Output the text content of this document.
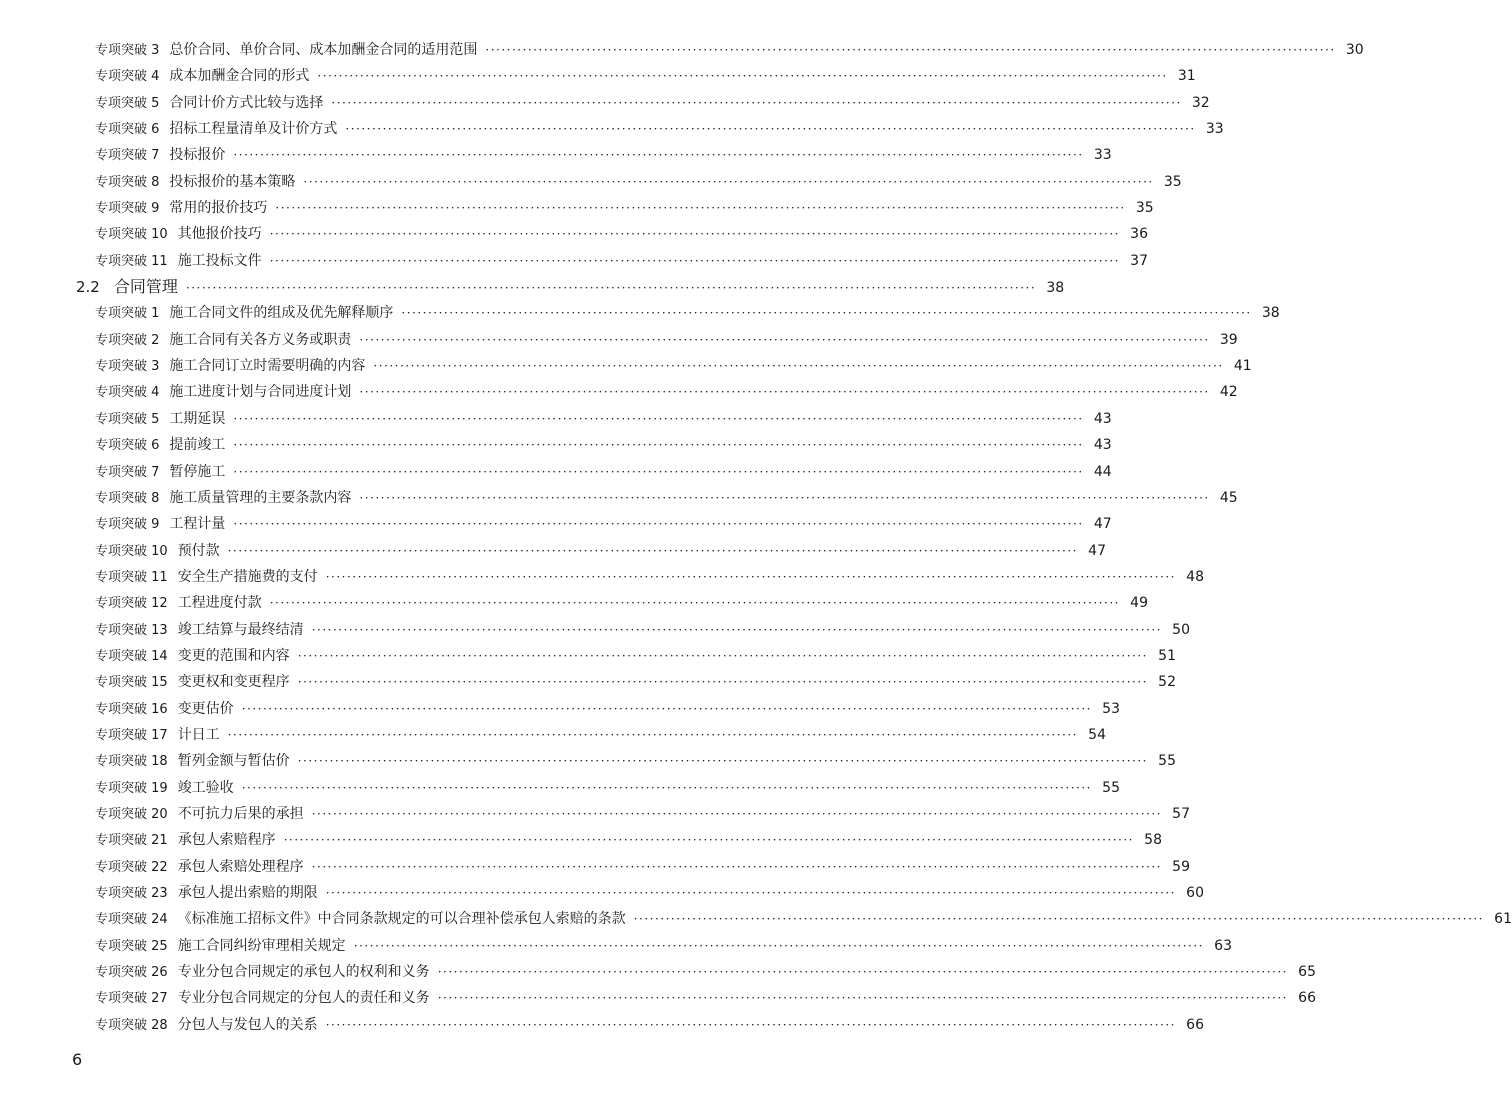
专项突破 3 总价合同、单价合同、成本加酬金合同的适用范围 ································································································································································ 30
专项突破 4 成本加酬金合同的形式 ································································································································································ 31
专项突破 5 合同计价方式比较与选择 ································································································································································ 32
专项突破 6 招标工程量清单及计价方式 ································································································································································ 33
专项突破 7 投标报价 ································································································································································ 33
专项突破 8 投标报价的基本策略 ································································································································································ 35
专项突破 9 常用的报价技巧 ································································································································································ 35
专项突破 10 其他报价技巧 ································································································································································ 36
专项突破 11 施工投标文件 ································································································································································ 37
2.2 合同管理 ································································································································································ 38
专项突破 1 施工合同文件的组成及优先解释顺序 ································································································································································ 38
专项突破 2 施工合同有关各方义务或职责 ································································································································································ 39
专项突破 3 施工合同订立时需要明确的内容 ································································································································································ 41
专项突破 4 施工进度计划与合同进度计划 ································································································································································ 42
专项突破 5 工期延误 ································································································································································ 43
专项突破 6 提前竣工 ································································································································································ 43
专项突破 7 暂停施工 ································································································································································ 44
专项突破 8 施工质量管理的主要条款内容 ································································································································································ 45
专项突破 9 工程计量 ································································································································································ 47
专项突破 10 预付款 ································································································································································ 47
专项突破 11 安全生产措施费的支付 ································································································································································ 48
专项突破 12 工程进度付款 ································································································································································ 49
专项突破 13 竣工结算与最终结清 ································································································································································ 50
专项突破 14 变更的范围和内容 ································································································································································ 51
专项突破 15 变更权和变更程序 ································································································································································ 52
专项突破 16 变更估价 ································································································································································ 53
专项突破 17 计日工 ································································································································································ 54
专项突破 18 暂列金额与暂估价 ································································································································································ 55
专项突破 19 竣工验收 ································································································································································ 55
专项突破 20 不可抗力后果的承担 ································································································································································ 57
专项突破 21 承包人索赔程序 ································································································································································ 58
专项突破 22 承包人索赔处理程序 ································································································································································ 59
专项突破 23 承包人提出索赔的期限 ································································································································································ 60
专项突破 24 《标准施工招标文件》中合同条款规定的可以合理补偿承包人索赔的条款 ································································································································································ 61
专项突破 25 施工合同纠纷审理相关规定 ································································································································································ 63
专项突破 26 专业分包合同规定的承包人的权利和义务 ································································································································································ 65
专项突破 27 专业分包合同规定的分包人的责任和义务 ································································································································································ 66
专项突破 28 分包人与发包人的关系 ································································································································································ 66
6
